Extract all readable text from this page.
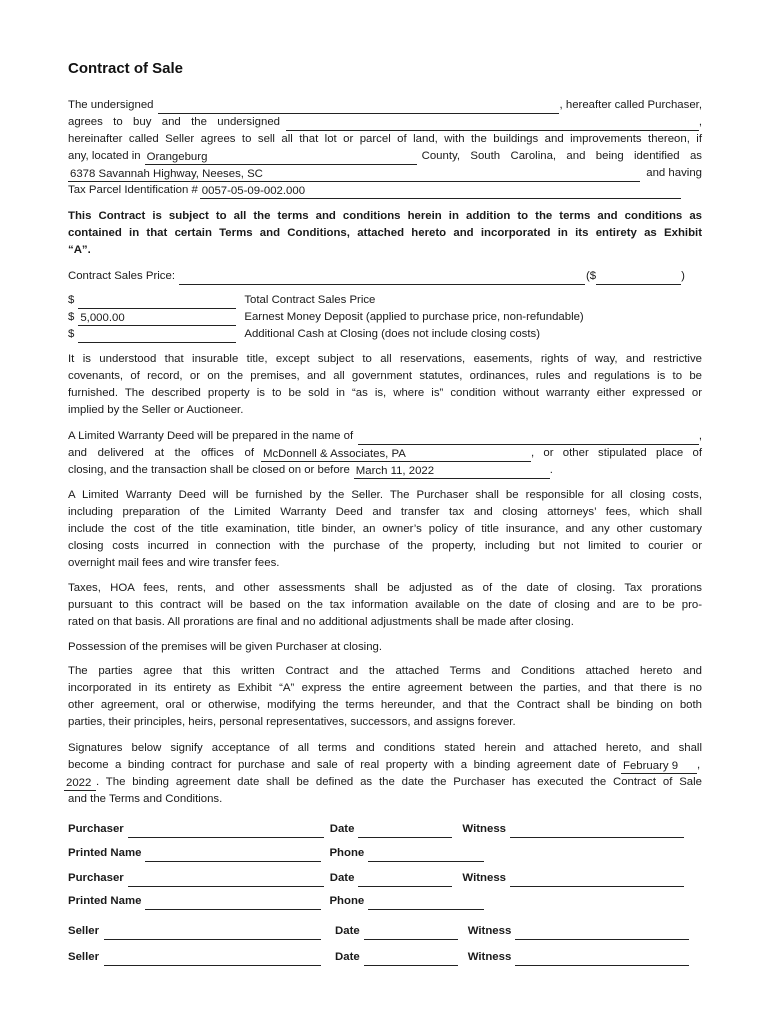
Contract of Sale
The undersigned	, hereafter called Purchaser,
agrees to buy and the undersigned	,
hereinafter called Seller agrees to sell all that lot or parcel of land, with the buildings and improvements thereon, if
any, located in Orangeburg	County, South Carolina, and being identified as
6378 Savannah Highway, Neeses, SC	and having
Tax Parcel Identification # 0057-05-09-002.000
This Contract is subject to all the terms and conditions herein in addition to the terms and conditions as
contained in that certain Terms and Conditions, attached hereto and incorporated in its entirety as Exhibit
“A”.
Contract Sales Price:	($	)
$	Total Contract Sales Price
$ 5,000.00	Earnest Money Deposit (applied to purchase price, non-refundable)
$	Additional Cash at Closing (does not include closing costs)
It is understood that insurable title, except subject to all reservations, easements, rights of way, and restrictive
covenants, of record, or on the premises, and all government statutes, ordinances, rules and regulations is to be
furnished. The described property is to be sold in “as is, where is” condition without warranty either expressed or
implied by the Seller or Auctioneer.
A Limited Warranty Deed will be prepared in the name of	,
and delivered at the offices of McDonnell & Associates, PA	, or other stipulated place of
closing, and the transaction shall be closed on or before March 11, 2022	.
A Limited Warranty Deed will be furnished by the Seller. The Purchaser shall be responsible for all closing costs,
including preparation of the Limited Warranty Deed and transfer tax and closing attorneys’ fees, which shall
include the cost of the title examination, title binder, an owner’s policy of title insurance, and any other customary
closing costs incurred in connection with the purchase of the property, including but not limited to courier or
overnight mail fees and wire transfer fees.
Taxes, HOA fees, rents, and other assessments shall be adjusted as of the date of closing. Tax prorations
pursuant to this contract will be based on the tax information available on the date of closing and are to be pro-
rated on that basis. All prorations are final and no additional adjustments shall be made after closing.
Possession of the premises will be given Purchaser at closing.
The parties agree that this written Contract and the attached Terms and Conditions attached hereto and
incorporated in its entirety as Exhibit “A” express the entire agreement between the parties, and that there is no
other agreement, oral or otherwise, modifying the terms hereunder, and that the Contract shall be binding on both
parties, their principles, heirs, personal representatives, successors, and assigns forever.
Signatures below signify acceptance of all terms and conditions stated herein and attached hereto, and shall
become a binding contract for purchase and sale of real property with a binding agreement date of February 9	,
2022 . The binding agreement date shall be defined as the date the Purchaser has executed the Contract of Sale
and the Terms and Conditions.
Purchaser	Date	Witness
Printed Name	Phone
Purchaser	Date	Witness
Printed Name	Phone
Seller	Date	Witness
Seller	Date	Witness
